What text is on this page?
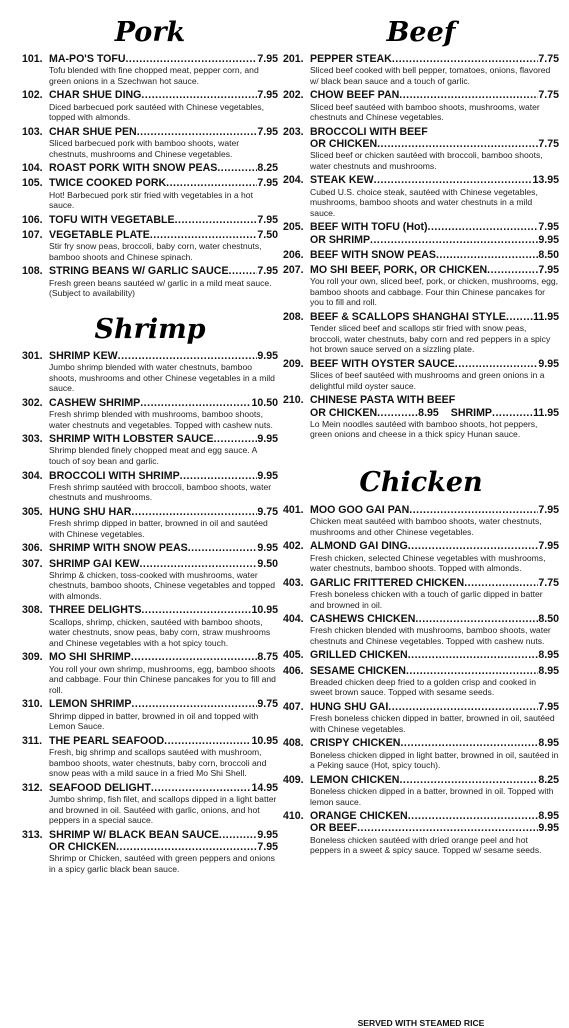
Pork
101. MA-PO'S TOFU .....	7.95
Tofu blended with fine chopped meat, pepper corn, and green onions in a Szechwan hot sauce.
102. CHAR SHUE DING .....	7.95
Diced barbecued pork sautéed with Chinese vegetables, topped with almonds.
103. CHAR SHUE PEN .....	7.95
Sliced barbecued pork with bamboo shoots, water chestnuts, mushrooms and Chinese vegetables.
104. ROAST PORK WITH SNOW PEAS .....	8.25
105. TWICE COOKED PORK .....	7.95
Hot! Barbecued pork stir fried with vegetables in a hot sauce.
106. TOFU WITH VEGETABLE .....	7.95
107. VEGETABLE PLATE .....	7.50
Stir fry snow peas, broccoli, baby corn, water chestnuts, bamboo shoots and Chinese spinach.
108. STRING BEANS W/ GARLIC SAUCE .....	7.95
Fresh green beans sautéed w/ garlic in a mild meat sauce. (Subject to availability)
Shrimp
301. SHRIMP KEW .....	9.95
Jumbo shrimp blended with water chestnuts, bamboo shoots, mushrooms and other Chinese vegetables in a mild sauce.
302. CASHEW SHRIMP .....	10.50
Fresh shrimp blended with mushrooms, bamboo shoots, water chestnuts and vegetables. Topped with cashew nuts.
303. SHRIMP WITH LOBSTER SAUCE .....	9.95
Shrimp blended finely chopped meat and egg sauce. A touch of soy bean and garlic.
304. BROCCOLI WITH SHRIMP .....	9.95
Fresh shrimp sautéed with broccoli, bamboo shoots, water chestnuts and mushrooms.
305. HUNG SHU HAR .....	9.75
Fresh shrimp dipped in batter, browned in oil and sautéed with Chinese vegetables.
306. SHRIMP WITH SNOW PEAS .....	9.95
307. SHRIMP GAI KEW .....	9.50
Shrimp & chicken, toss-cooked with mushrooms, water chestnuts, bamboo shoots, Chinese vegetables and topped with almonds.
308. THREE DELIGHTS .....	10.95
Scallops, shrimp, chicken, sautéed with bamboo shoots, water chestnuts, snow peas, baby corn, straw mushrooms and Chinese vegetables with a hot spicy touch.
309. MO SHI SHRIMP .....	8.75
You roll your own shrimp, mushrooms, egg, bamboo shoots and cabbage. Four thin Chinese pancakes for you to fill and roll.
310. LEMON SHRIMP .....	9.75
Shrimp dipped in batter, browned in oil and topped with Lemon Sauce.
311. THE PEARL SEAFOOD .....	10.95
Fresh, big shrimp and scallops sautéed with mushroom, bamboo shoots, water chestnuts, baby corn, broccoli and snow peas with a mild sauce in a fried Mo Shi Shell.
312. SEAFOOD DELIGHT .....	14.95
Jumbo shrimp, fish filet, and scallops dipped in a light batter and browned in oil. Sautéed with garlic, onions, and hot peppers in a special sauce.
313. SHRIMP W/ BLACK BEAN SAUCE .....	9.95
OR CHICKEN .....	7.95
Shrimp or Chicken, sautéed with green peppers and onions in a spicy garlic black bean sauce.
Beef
201. PEPPER STEAK .....	7.75
Sliced beef cooked with bell pepper, tomatoes, onions, flavored w/ black bean sauce and a touch of garlic.
202. CHOW BEEF PAN .....	7.75
Sliced beef sautéed with bamboo shoots, mushrooms, water chestnuts and Chinese vegetables.
203. BROCCOLI WITH BEEF
OR CHICKEN .....	7.75
Sliced beef or chicken sautéed with broccoli, bamboo shoots, water chestnuts and mushrooms.
204. STEAK KEW .....	13.95
Cubed U.S. choice steak, sautéed with Chinese vegetables, mushrooms, bamboo shoots and water chestnuts in a mild sauce.
205. BEEF WITH TOFU (Hot) .....	7.95
OR SHRIMP .....	9.95
206. BEEF WITH SNOW PEAS .....	8.50
207. MO SHI BEEF, PORK, OR CHICKEN .....	7.95
You roll your own, sliced beef, pork, or chicken, mushrooms, egg, bamboo shoots and cabbage. Four thin Chinese pancakes for you to fill and roll.
208. BEEF & SCALLOPS SHANGHAI STYLE .....	11.95
Tender sliced beef and scallops stir fried with snow peas, broccoli, water chestnuts, baby corn and red peppers in a spicy hot brown sauce served on a sizzling plate.
209. BEEF WITH OYSTER SAUCE .....	9.95
Slices of beef sautéed with mushrooms and green onions in a delightful mild oyster sauce.
210. CHINESE PASTA WITH BEEF
OR CHICKEN .....	8.95 SHRIMP .....	11.95
Lo Mein noodles sautéed with bamboo shoots, hot peppers, green onions and cheese in a thick spicy Hunan sauce.
Chicken
401. MOO GOO GAI PAN .....	7.95
Chicken meat sautéed with bamboo shoots, water chestnuts, mushrooms and other Chinese vegetables.
402. ALMOND GAI DING .....	7.95
Fresh chicken, selected Chinese vegetables with mushrooms, water chestnuts, bamboo shoots. Topped with almonds.
403. GARLIC FRITTERED CHICKEN .....	7.75
Fresh boneless chicken with a touch of garlic dipped in batter and browned in oil.
404. CASHEWS CHICKEN .....	8.50
Fresh chicken blended with mushrooms, bamboo shoots, water chestnuts and Chinese vegetables. Topped with cashew nuts.
405. GRILLED CHICKEN .....	8.95
406. SESAME CHICKEN .....	8.95
Breaded chicken deep fried to a golden crisp and cooked in sweet brown sauce. Topped with sesame seeds.
407. HUNG SHU GAI .....	7.95
Fresh boneless chicken dipped in batter, browned in oil, sautéed with Chinese vegetables.
408. CRISPY CHICKEN .....	8.95
Boneless chicken dipped in light batter, browned in oil, sautéed in a Peking sauce (Hot, spicy touch).
409. LEMON CHICKEN .....	8.25
Boneless chicken dipped in a batter, browned in oil. Topped with lemon sauce.
410. ORANGE CHICKEN .....	8.95
OR BEEF .....	9.95
Boneless chicken sautéed with dried orange peel and hot peppers in a sweet & spicy sauce. Topped w/ sesame seeds.
SERVED WITH STEAMED RICE
